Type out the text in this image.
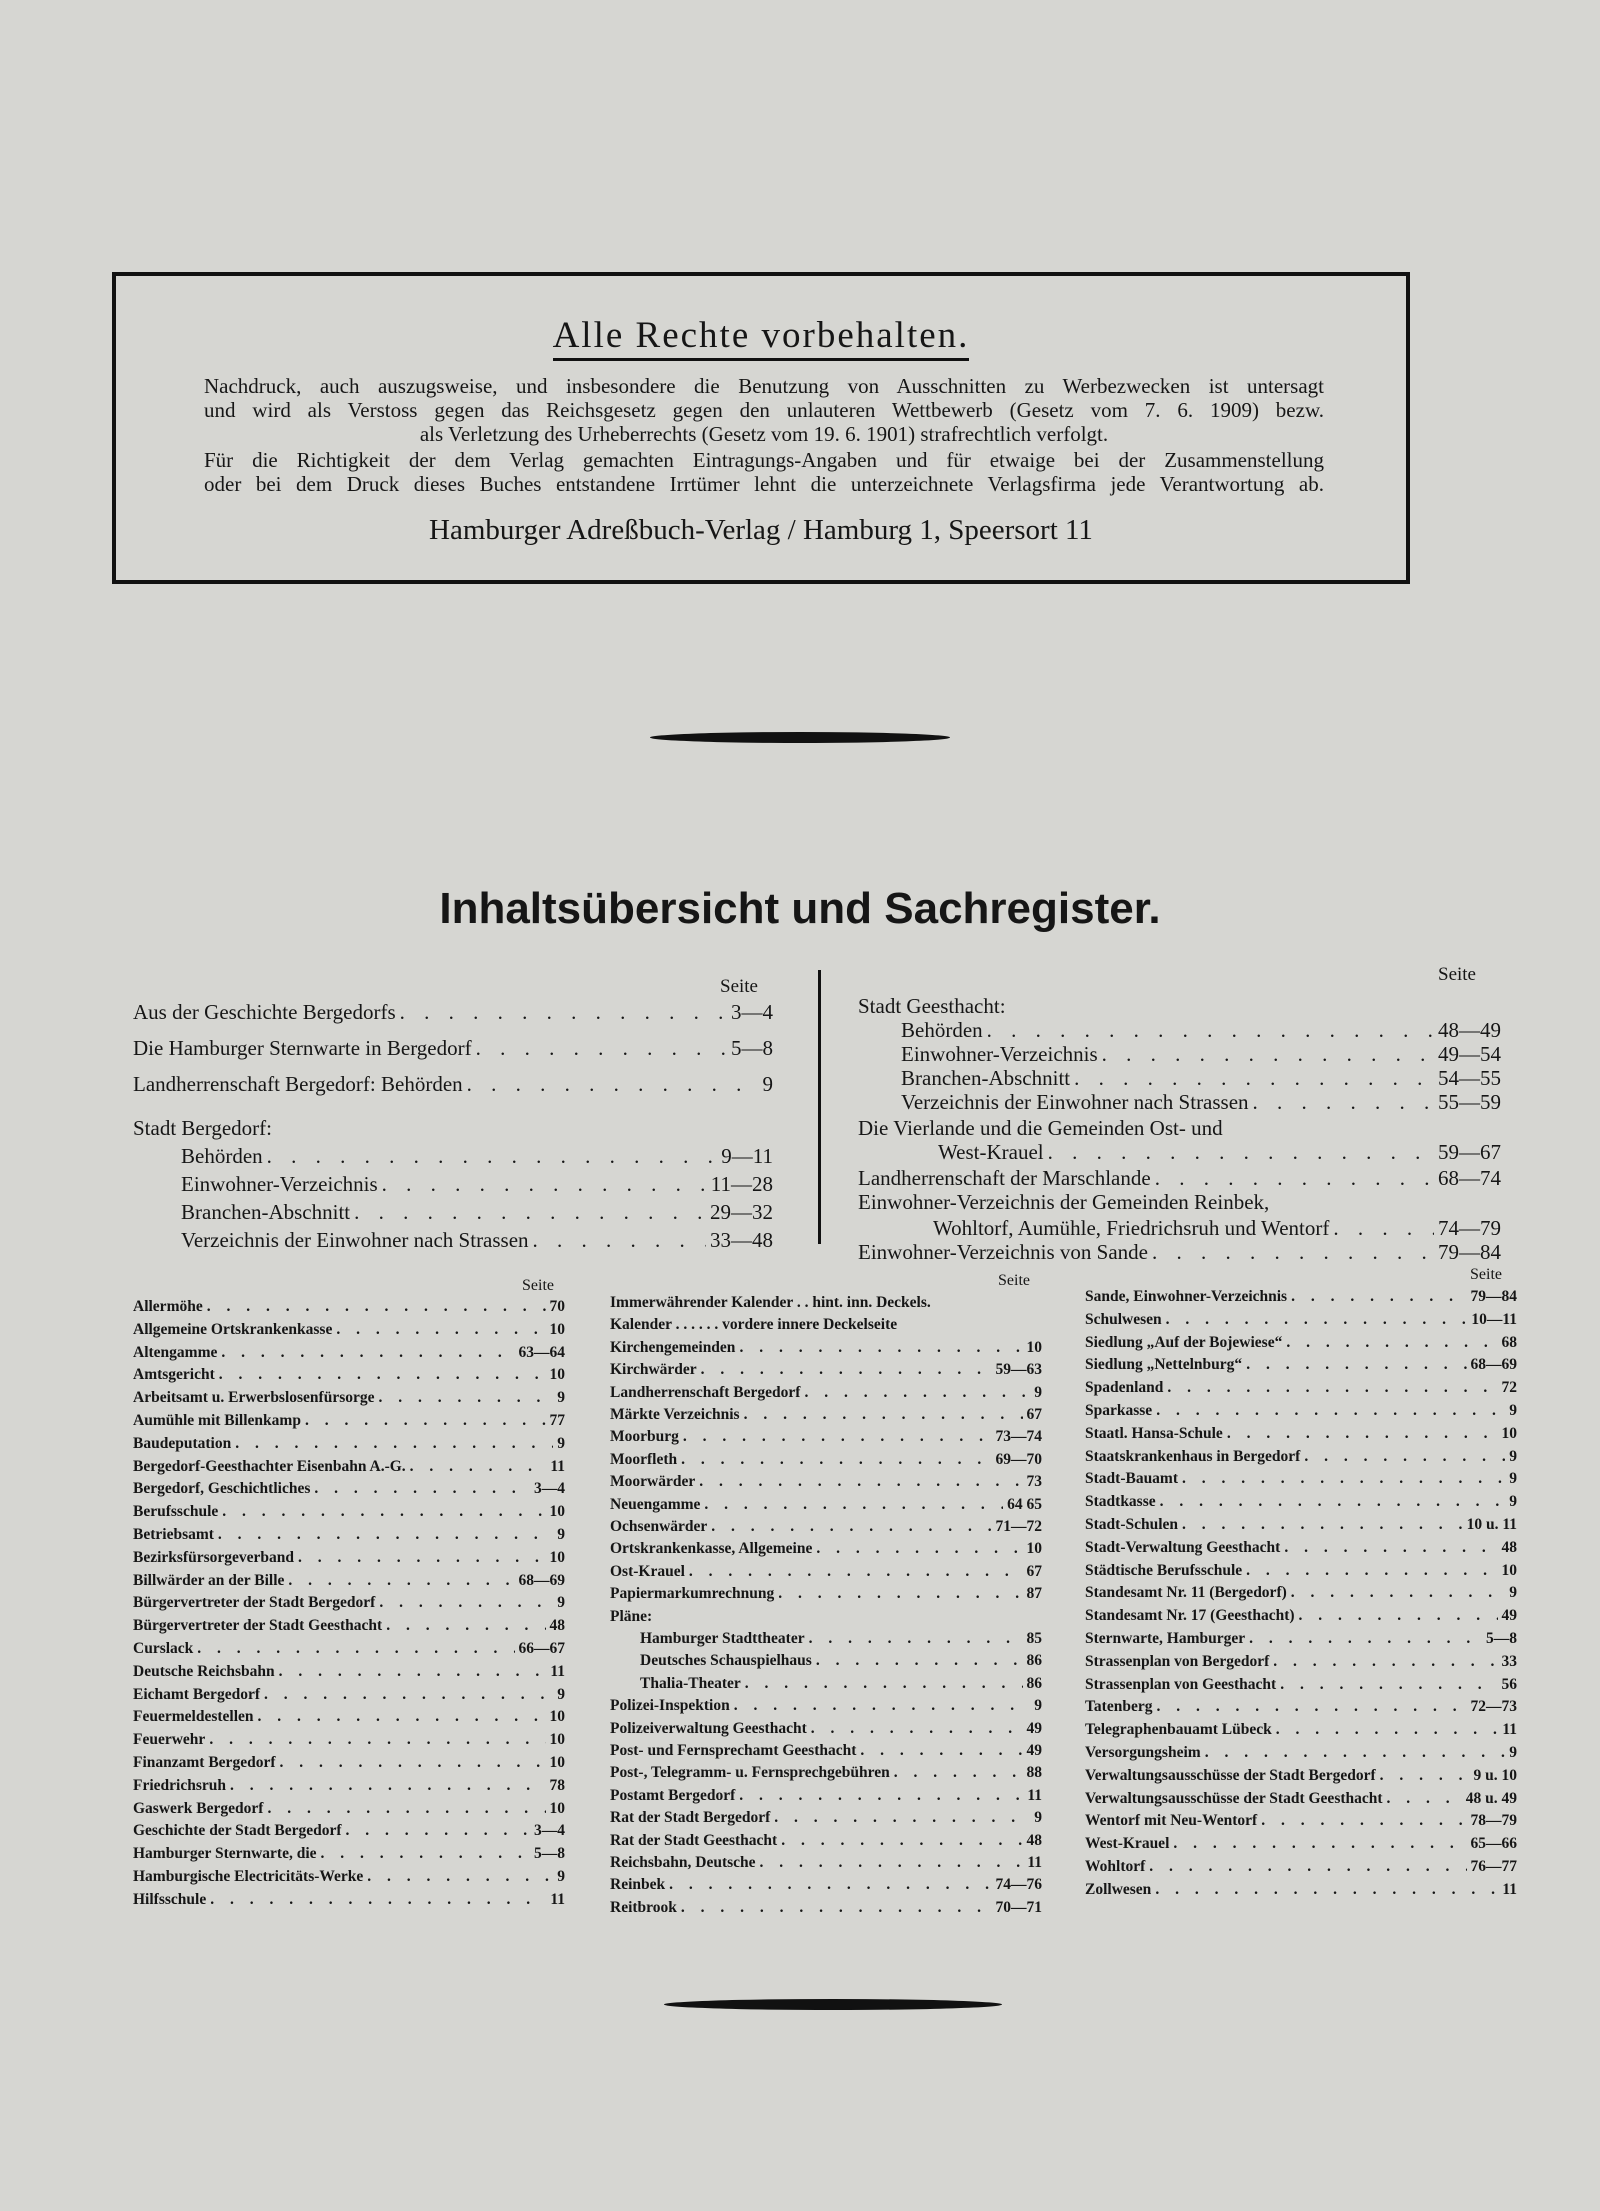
Alle Rechte vorbehalten.
Nachdruck, auch auszugsweise, und insbesondere die Benutzung von Ausschnitten zu Werbezwecken ist untersagt
und wird als Verstoss gegen das Reichsgesetz gegen den unlauteren Wettbewerb (Gesetz vom 7. 6. 1909) bezw.
als Verletzung des Urheberrechts (Gesetz vom 19. 6. 1901) strafrechtlich verfolgt.
Für die Richtigkeit der dem Verlag gemachten Eintragungs-Angaben und für etwaige bei der Zusammenstellung
oder bei dem Druck dieses Buches entstandene Irrtümer lehnt die unterzeichnete Verlagsfirma jede Verantwortung ab.
Hamburger Adreßbuch-Verlag / Hamburg 1, Speersort 11
Inhaltsübersicht und Sachregister.
Seite
Aus der Geschichte Bergedorfs . . .	3—4
Die Hamburger Sternwarte in Bergedorf . . .	5—8
Landherrenschaft Bergedorf: Behörden . . .	9
Stadt Bergedorf:
Behörden . . .	9—11
Einwohner-Verzeichnis . . .	11—28
Branchen-Abschnitt . . .	29—32
Verzeichnis der Einwohner nach Strassen . . .	33—48
Seite
Stadt Geesthacht:
Behörden . . .	48—49
Einwohner-Verzeichnis . . .	49—54
Branchen-Abschnitt . . .	54—55
Verzeichnis der Einwohner nach Strassen . . .	55—59
Die Vierlande und die Gemeinden Ost- und
West-Krauel . . .	59—67
Landherrenschaft der Marschlande . . .	68—74
Einwohner-Verzeichnis der Gemeinden Reinbek,
Wohltorf, Aumühle, Friedrichsruh und Wentorf . . .	74—79
Einwohner-Verzeichnis von Sande . . .	79—84
Seite
Allermöhe . . .	70
Allgemeine Ortskrankenkasse . . .	10
Altengamme . . .	63—64
Amtsgericht . . .	10
Arbeitsamt u. Erwerbslosenfürsorge . . .	9
Aumühle mit Billenkamp . . .	77
Baudeputation . . .	9
Bergedorf-Geesthachter Eisenbahn A.-G. . . .	11
Bergedorf, Geschichtliches . . .	3—4
Berufsschule . . .	10
Betriebsamt . . .	9
Bezirksfürsorgeverband . . .	10
Billwärder an der Bille . . .	68—69
Bürgervertreter der Stadt Bergedorf . . .	9
Bürgervertreter der Stadt Geesthacht . . .	48
Curslack . . .	66—67
Deutsche Reichsbahn . . .	11
Eichamt Bergedorf . . .	9
Feuermeldestellen . . .	10
Feuerwehr . . .	10
Finanzamt Bergedorf . . .	10
Friedrichsruh . . .	78
Gaswerk Bergedorf . . .	10
Geschichte der Stadt Bergedorf . . .	3—4
Hamburger Sternwarte, die . . .	5—8
Hamburgische Electricitäts-Werke . . .	9
Hilfsschule . . .	11
Seite
Immerwährender Kalender . . hint. inn. Deckels.
Kalender . . . . . . vordere innere Deckelseite
Kirchengemeinden . . .	10
Kirchwärder . . .	59—63
Landherrenschaft Bergedorf . . .	9
Märkte Verzeichnis . . .	67
Moorburg . . .	73—74
Moorfleth . . .	69—70
Moorwärder . . .	73
Neuengamme . . .	64 65
Ochsenwärder . . .	71—72
Ortskrankenkasse, Allgemeine . . .	10
Ost-Krauel . . .	67
Papiermarkumrechnung . . .	87
Pläne:
Hamburger Stadttheater . . .	85
Deutsches Schauspielhaus . . .	86
Thalia-Theater . . .	86
Polizei-Inspektion . . .	9
Polizeiverwaltung Geesthacht . . .	49
Post- und Fernsprechamt Geesthacht . . .	49
Post-, Telegramm- u. Fernsprechgebühren . . .	88
Postamt Bergedorf . . .	11
Rat der Stadt Bergedorf . . .	9
Rat der Stadt Geesthacht . . .	48
Reichsbahn, Deutsche . . .	11
Reinbek . . .	74—76
Reitbrook . . .	70—71
Seite
Sande, Einwohner-Verzeichnis . . .	79—84
Schulwesen . . .	10—11
Siedlung „Auf der Bojewiese“ . . .	68
Siedlung „Nettelnburg“ . . .	68—69
Spadenland . . .	72
Sparkasse . . .	9
Staatl. Hansa-Schule . . .	10
Staatskrankenhaus in Bergedorf . . .	9
Stadt-Bauamt . . .	9
Stadtkasse . . .	9
Stadt-Schulen . . .	10 u. 11
Stadt-Verwaltung Geesthacht . . .	48
Städtische Berufsschule . . .	10
Standesamt Nr. 11 (Bergedorf) . . .	9
Standesamt Nr. 17 (Geesthacht) . . .	49
Sternwarte, Hamburger . . .	5—8
Strassenplan von Bergedorf . . .	33
Strassenplan von Geesthacht . . .	56
Tatenberg . . .	72—73
Telegraphenbauamt Lübeck . . .	11
Versorgungsheim . . .	9
Verwaltungsausschüsse der Stadt Bergedorf . . .	9 u. 10
Verwaltungsausschüsse der Stadt Geesthacht . . .	48 u. 49
Wentorf mit Neu-Wentorf . . .	78—79
West-Krauel . . .	65—66
Wohltorf . . .	76—77
Zollwesen . . .	11
